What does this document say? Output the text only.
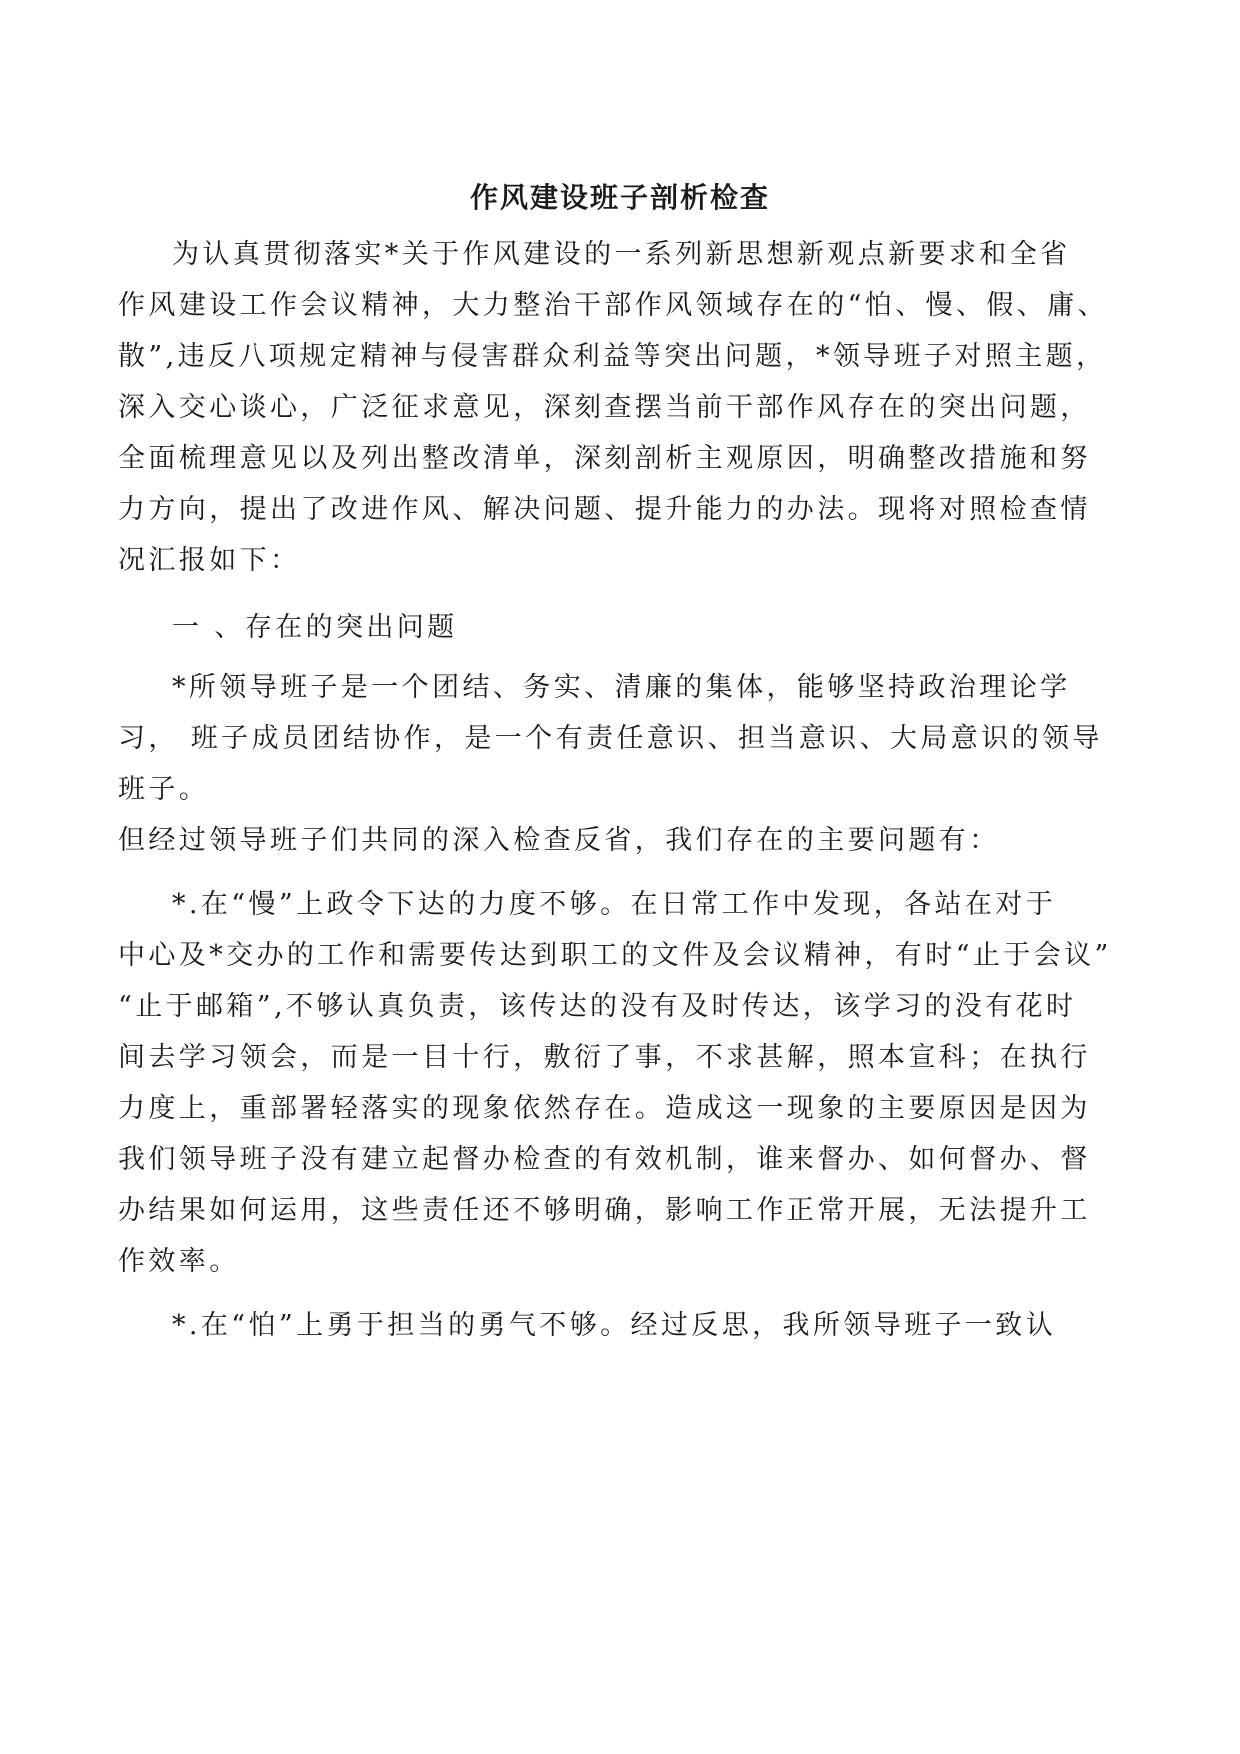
作风建设班子剖析检查
为认真贯彻落实*关于作风建设的一系列新思想新观点新要求和全省
作风建设工作会议精神，大力整治干部作风领域存在的“怕、慢、假、庸、
散”,违反八项规定精神与侵害群众利益等突出问题，*领导班子对照主题，
深入交心谈心，广泛征求意见，深刻查摆当前干部作风存在的突出问题，
全面梳理意见以及列出整改清单，深刻剖析主观原因，明确整改措施和努
力方向，提出了改进作风、解决问题、提升能力的办法。现将对照检查情
况汇报如下：
一 、存在的突出问题
*所领导班子是一个团结、务实、清廉的集体，能够坚持政治理论学
习， 班子成员团结协作，是一个有责任意识、担当意识、大局意识的领导
班子。
但经过领导班子们共同的深入检查反省，我们存在的主要问题有：
*.在“慢”上政令下达的力度不够。在日常工作中发现，各站在对于
中心及*交办的工作和需要传达到职工的文件及会议精神，有时“止于会议”
“止于邮箱”,不够认真负责，该传达的没有及时传达，该学习的没有花时
间去学习领会，而是一目十行，敷衍了事，不求甚解，照本宣科；在执行
力度上，重部署轻落实的现象依然存在。造成这一现象的主要原因是因为
我们领导班子没有建立起督办检查的有效机制，谁来督办、如何督办、督
办结果如何运用，这些责任还不够明确，影响工作正常开展，无法提升工
作效率。
*.在“怕”上勇于担当的勇气不够。经过反思，我所领导班子一致认
